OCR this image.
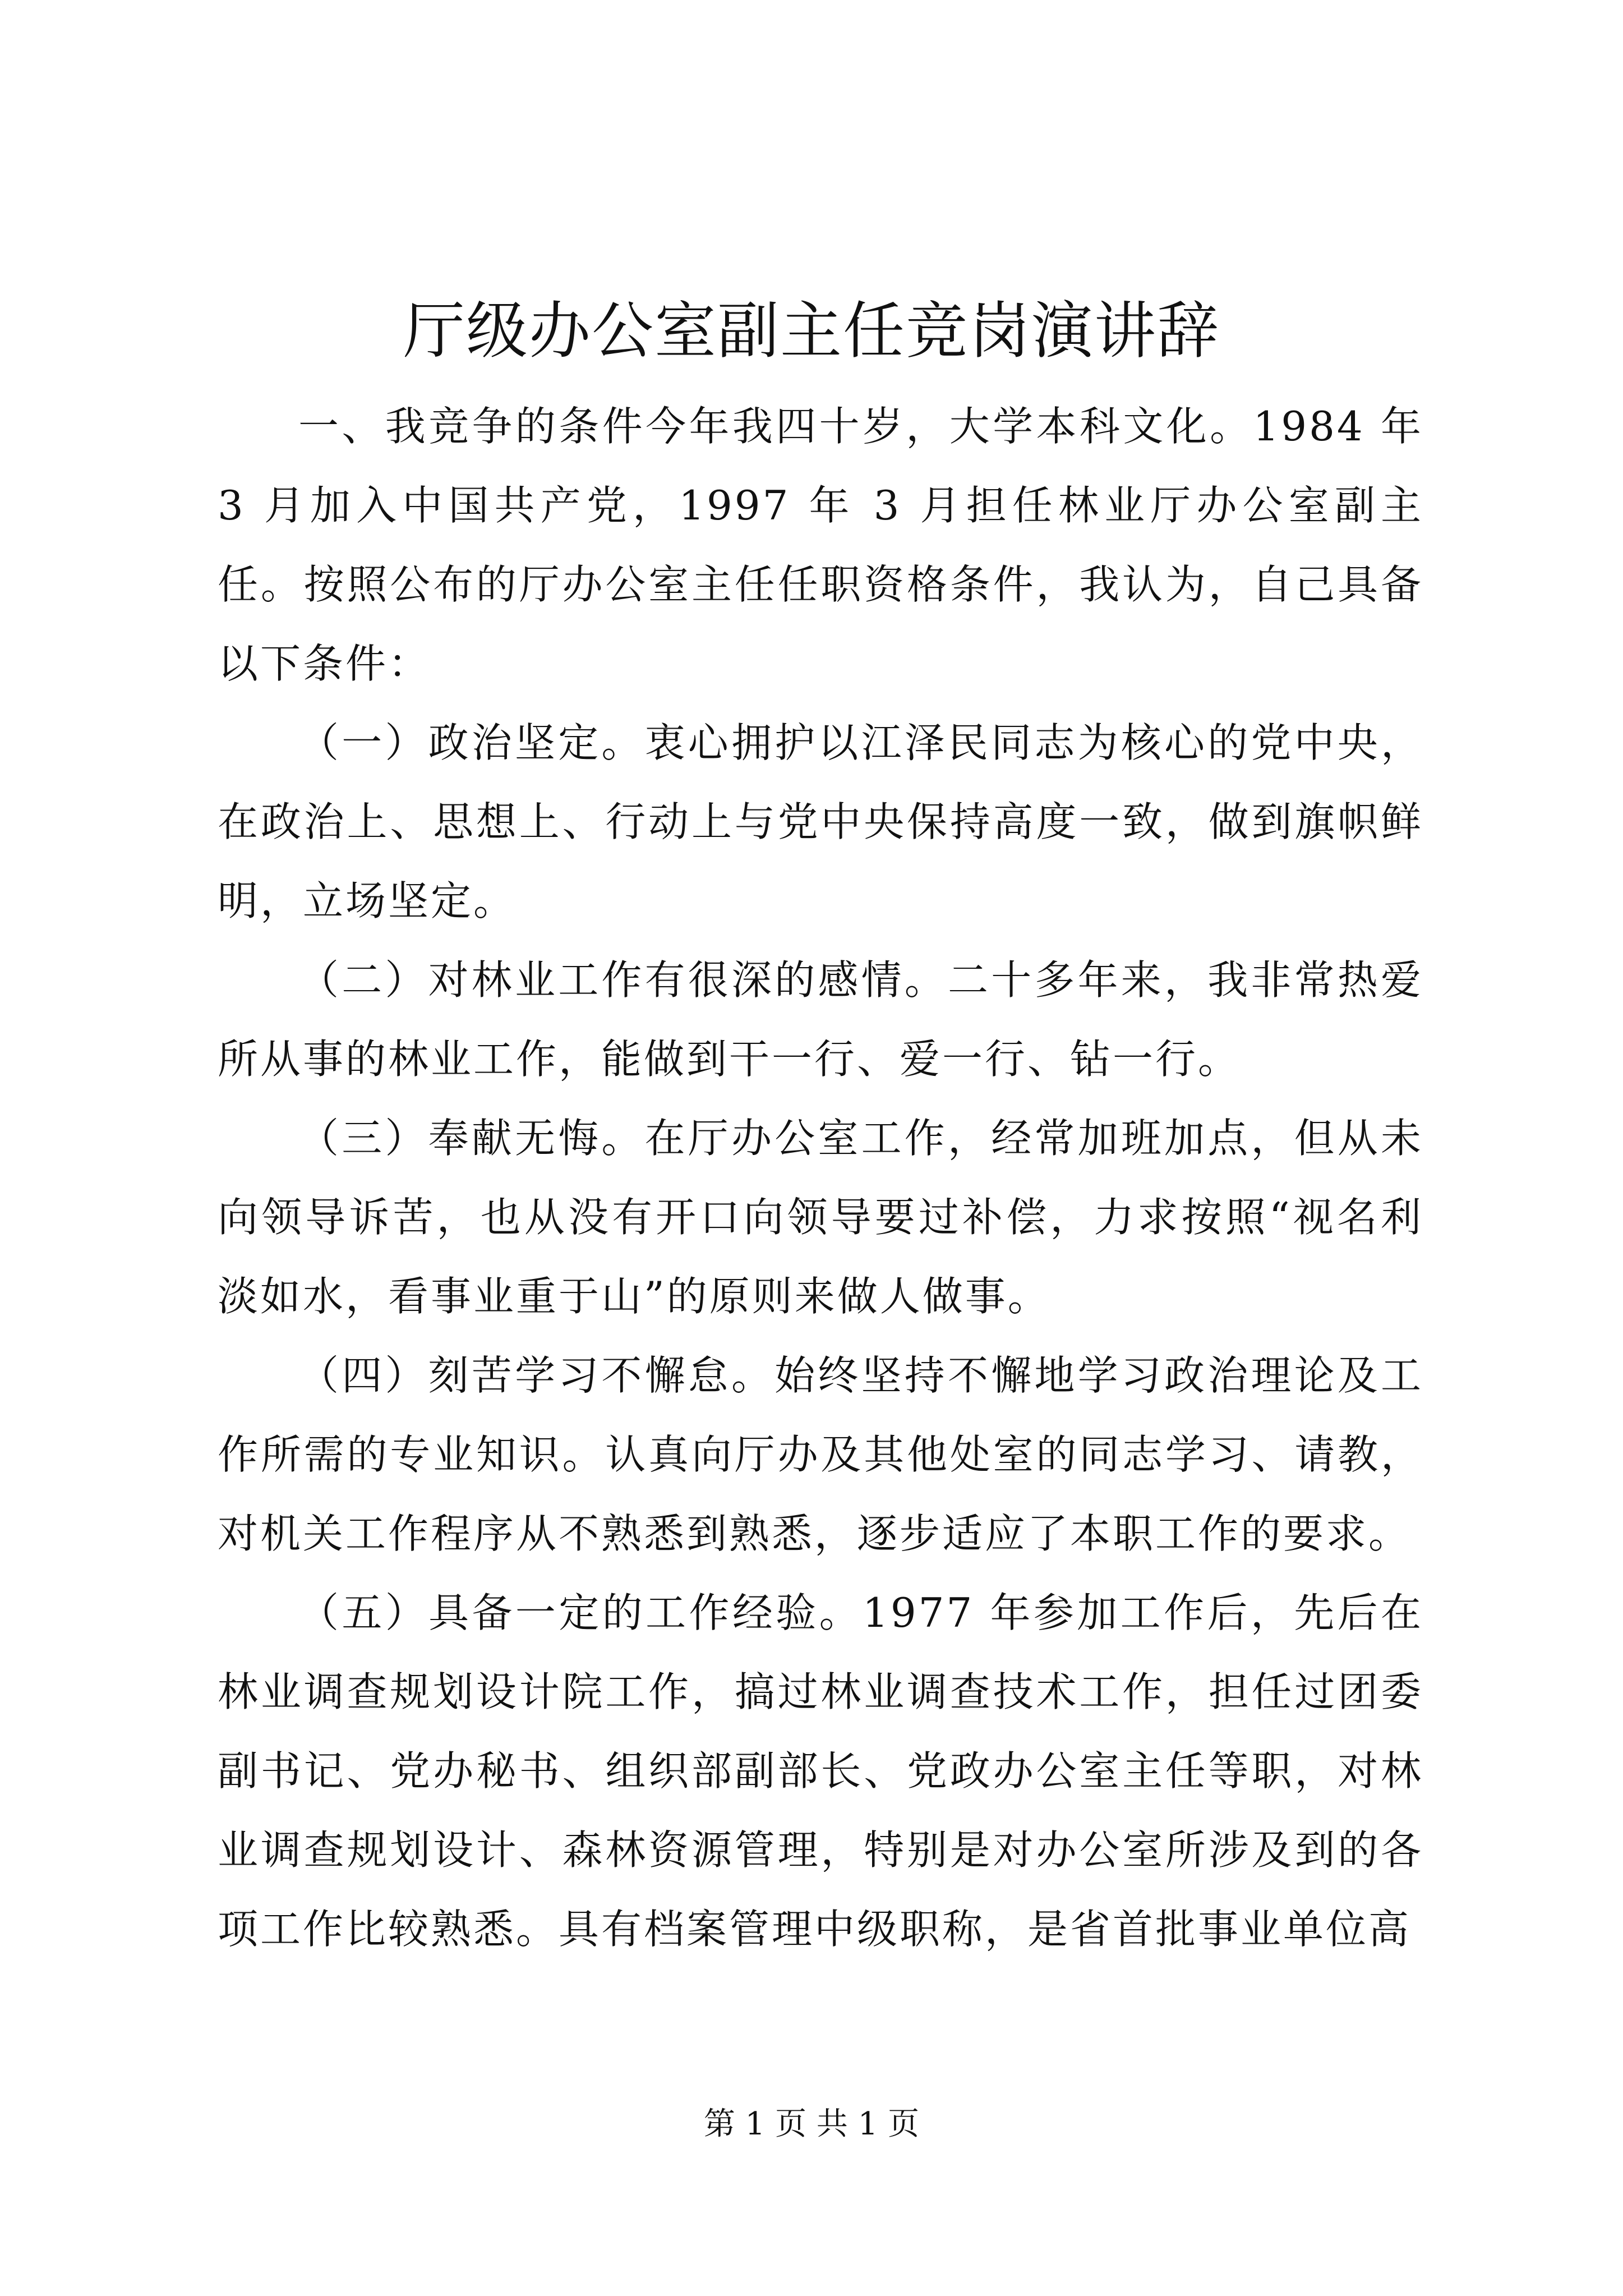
厅级办公室副主任竞岗演讲辞

一、我竞争的条件今年我四十岁，大学本科文化。1984 年 3 月加入中国共产党，1997 年 3 月担任林业厅办公室副主任。按照公布的厅办公室主任任职资格条件，我认为，自己具备以下条件：

（一）政治坚定。衷心拥护以江泽民同志为核心的党中央，在政治上、思想上、行动上与党中央保持高度一致，做到旗帜鲜明，立场坚定。

（二）对林业工作有很深的感情。二十多年来，我非常热爱所从事的林业工作，能做到干一行、爱一行、钻一行。

（三）奉献无悔。在厅办公室工作，经常加班加点，但从未向领导诉苦，也从没有开口向领导要过补偿，力求按照“视名利淡如水，看事业重于山”的原则来做人做事。

（四）刻苦学习不懈怠。始终坚持不懈地学习政治理论及工作所需的专业知识。认真向厅办及其他处室的同志学习、请教，对机关工作程序从不熟悉到熟悉，逐步适应了本职工作的要求。

（五）具备一定的工作经验。1977 年参加工作后，先后在林业调查规划设计院工作，搞过林业调查技术工作，担任过团委副书记、党办秘书、组织部副部长、党政办公室主任等职，对林业调查规划设计、森林资源管理，特别是对办公室所涉及到的各项工作比较熟悉。具有档案管理中级职称，是省首批事业单位高

第 1 页 共 1 页
